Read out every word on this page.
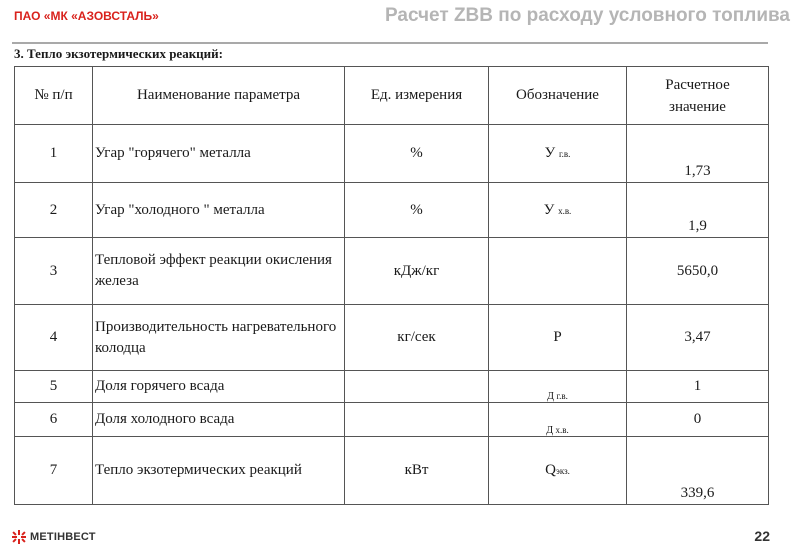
ПАО «МК «АЗОВСТАЛЬ»	Расчет ZBB по расходу условного топлива
3. Тепло экзотермических реакций:
№ п/п	Наименование параметра	Ед. измерения	Обозначение	Расчетное значение
1	Угар "горячего" металла	%	У г.в.	1,73
2	Угар "холодного " металла	%	У х.в.	1,9
3	Тепловой эффект реакции окисления железа	кДж/кг		5650,0
4	Производительность нагревательного колодца	кг/сек	Р	3,47
5	Доля горячего всада		Д г.в.	1
6	Доля холодного всада		Д х.в.	0
7	Тепло экзотермических реакций	кВт	Qэкз.	339,6
МЕТІНВЕСТ	22
